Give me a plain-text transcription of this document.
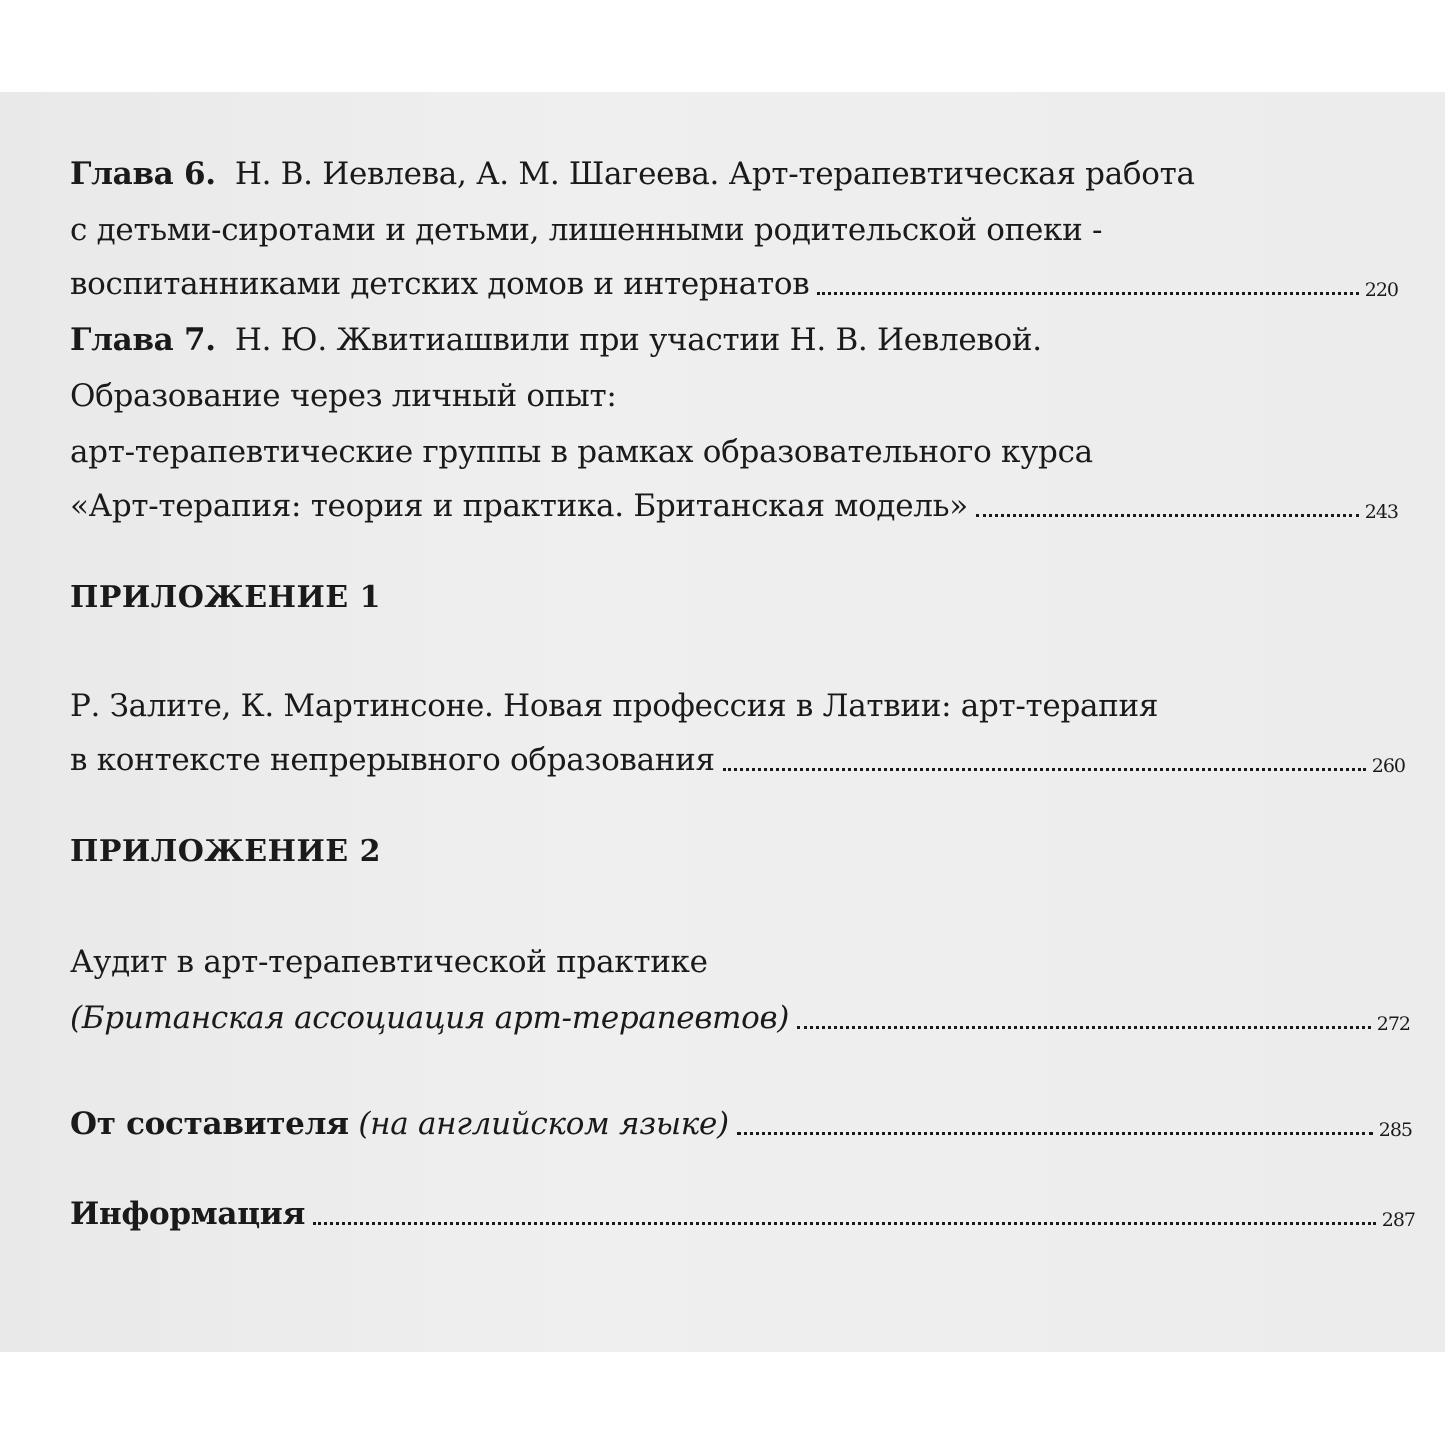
Глава 6. Н. В. Иевлева, А. М. Шагеева. Арт-терапевтическая работа
с детьми-сиротами и детьми, лишенными родительской опеки -
воспитанниками детских домов и интернатов	220
Глава 7. Н. Ю. Жвитиашвили при участии Н. В. Иевлевой.
Образование через личный опыт:
арт-терапевтические группы в рамках образовательного курса
«Арт-терапия: теория и практика. Британская модель»	243
ПРИЛОЖЕНИЕ 1
Р. Залите, К. Мартинсоне. Новая профессия в Латвии: арт-терапия
в контексте непрерывного образования	260
ПРИЛОЖЕНИЕ 2
Аудит в арт-терапевтической практике
(Британская ассоциация арт-терапевтов)	272
От составителя (на английском языке)	285
Информация	287
